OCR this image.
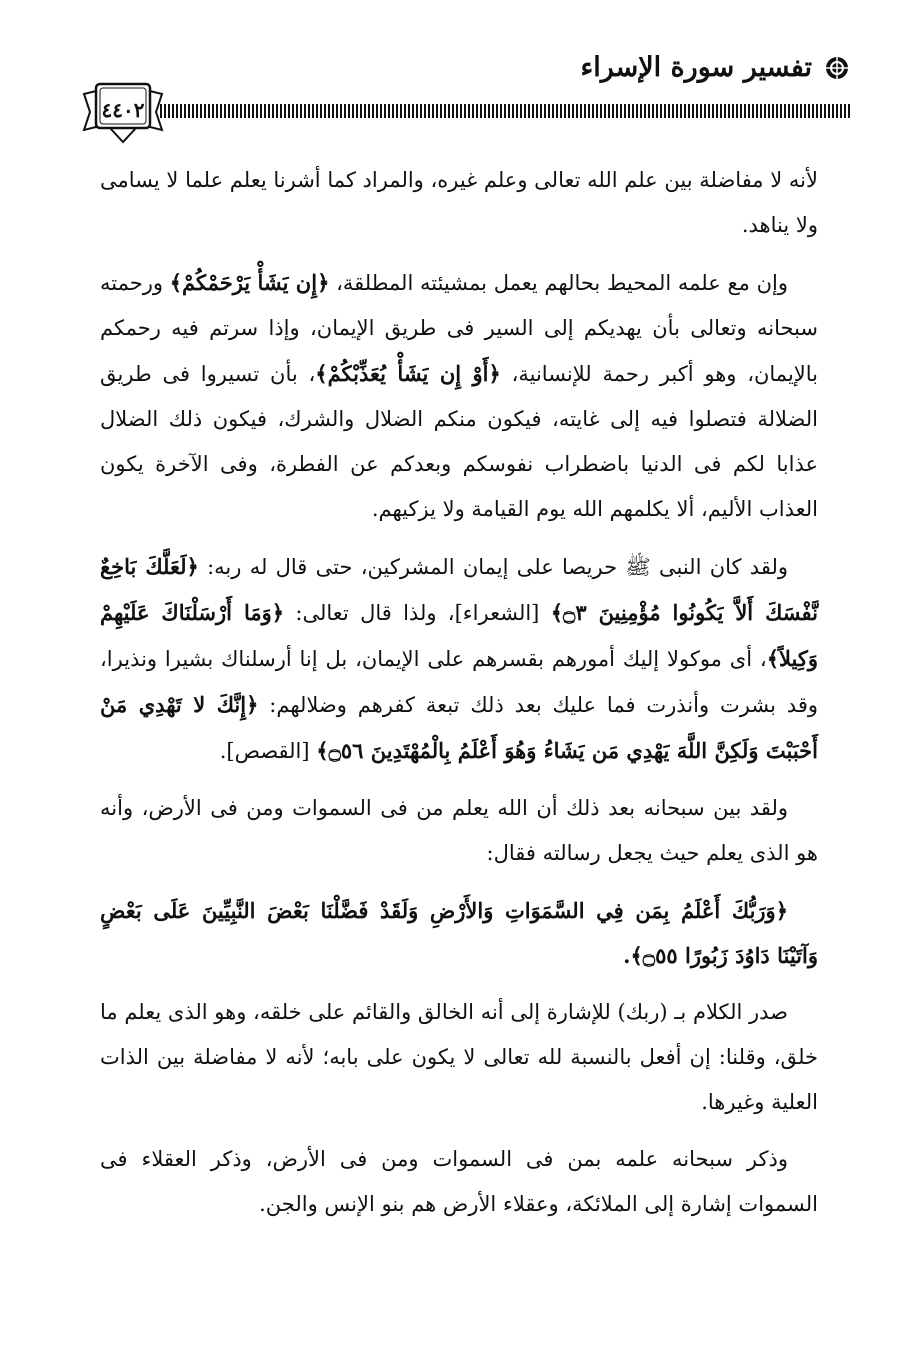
تفسير سورة الإسراء
٤٤٠٢

لأنه لا مفاضلة بين علم الله تعالى وعلم غيره، والمراد كما أشرنا يعلم علما لا يسامى ولا يناهد.

وإن مع علمه المحيط بحالهم يعمل بمشيئته المطلقة، ﴿إِن يَشَأْ يَرْحَمْكُمْ﴾ ورحمته سبحانه وتعالى بأن يهديكم إلى السير فى طريق الإيمان، وإذا سرتم فيه رحمكم بالإيمان، وهو أكبر رحمة للإنسانية، ﴿أَوْ إِن يَشَأْ يُعَذِّبْكُمْ﴾، بأن تسيروا فى طريق الضلالة فتصلوا فيه إلى غايته، فيكون منكم الضلال والشرك، فيكون ذلك الضلال عذابا لكم فى الدنيا باضطراب نفوسكم وبعدكم عن الفطرة، وفى الآخرة يكون العذاب الأليم، ألا يكلمهم الله يوم القيامة ولا يزكيهم.

ولقد كان النبى ﷺ حريصا على إيمان المشركين، حتى قال له ربه: ﴿لَعَلَّكَ بَاخِعٌ نَّفْسَكَ أَلاَّ يَكُونُوا مُؤْمِنِينَ ۝٣﴾ [الشعراء]، ولذا قال تعالى: ﴿وَمَا أَرْسَلْنَاكَ عَلَيْهِمْ وَكِيلاً﴾، أى موكولا إليك أمورهم بقسرهم على الإيمان، بل إنا أرسلناك بشيرا ونذيرا، وقد بشرت وأنذرت فما عليك بعد ذلك تبعة كفرهم وضلالهم: ﴿إِنَّكَ لا تَهْدِي مَنْ أَحْبَبْتَ وَلَكِنَّ اللَّهَ يَهْدِي مَن يَشَاءُ وَهُوَ أَعْلَمُ بِالْمُهْتَدِينَ ۝٥٦﴾ [القصص].

ولقد بين سبحانه بعد ذلك أن الله يعلم من فى السموات ومن فى الأرض، وأنه هو الذى يعلم حيث يجعل رسالته فقال:

﴿وَرَبُّكَ أَعْلَمُ بِمَن فِي السَّمَوَاتِ وَالأَرْضِ وَلَقَدْ فَضَّلْنَا بَعْضَ النَّبِيِّينَ عَلَى بَعْضٍ وَآتَيْنَا دَاوُدَ زَبُورًا ۝٥٥﴾.

صدر الكلام بـ (ربك) للإشارة إلى أنه الخالق والقائم على خلقه، وهو الذى يعلم ما خلق، وقلنا: إن أفعل بالنسبة لله تعالى لا يكون على بابه؛ لأنه لا مفاضلة بين الذات العلية وغيرها.

وذكر سبحانه علمه بمن فى السموات ومن فى الأرض، وذكر العقلاء فى السموات إشارة إلى الملائكة، وعقلاء الأرض هم بنو الإنس والجن.
